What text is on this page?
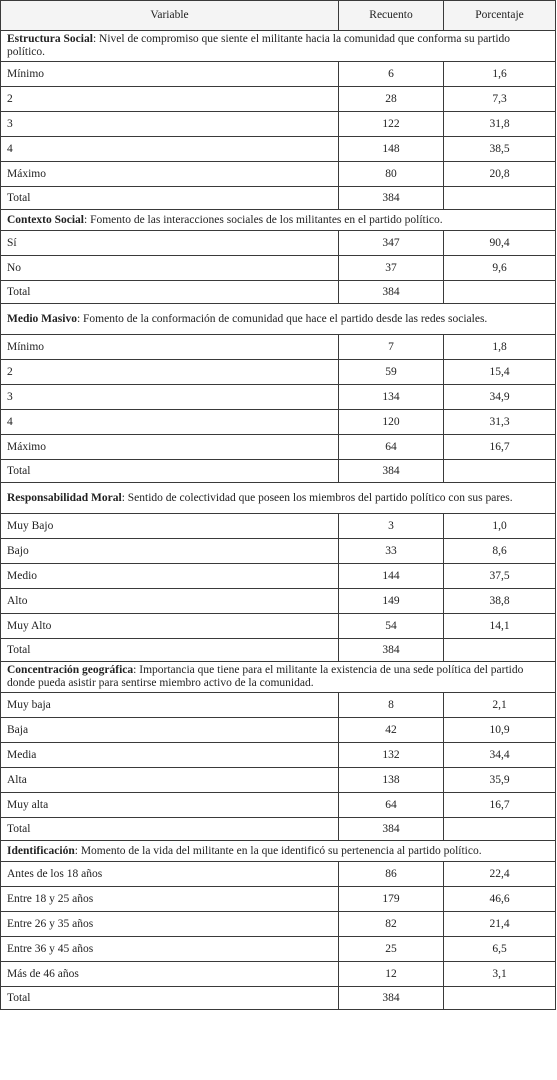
Variable	Recuento	Porcentaje
Estructura Social: Nivel de compromiso que siente el militante hacia la comunidad que conforma su partido político.		
Mínimo	6	1,6
2	28	7,3
3	122	31,8
4	148	38,5
Máximo	80	20,8
Total	384	
Contexto Social: Fomento de las interacciones sociales de los militantes en el partido político.		
Sí	347	90,4
No	37	9,6
Total	384	
Medio Masivo: Fomento de la conformación de comunidad que hace el partido desde las redes sociales.		
Mínimo	7	1,8
2	59	15,4
3	134	34,9
4	120	31,3
Máximo	64	16,7
Total	384	
Responsabilidad Moral: Sentido de colectividad que poseen los miembros del partido político con sus pares.		
Muy Bajo	3	1,0
Bajo	33	8,6
Medio	144	37,5
Alto	149	38,8
Muy Alto	54	14,1
Total	384	
Concentración geográfica: Importancia que tiene para el militante la existencia de una sede política del partido donde pueda asistir para sentirse miembro activo de la comunidad.		
Muy baja	8	2,1
Baja	42	10,9
Media	132	34,4
Alta	138	35,9
Muy alta	64	16,7
Total	384	
Identificación: Momento de la vida del militante en la que identificó su pertenencia al partido político.		
Antes de los 18 años	86	22,4
Entre 18 y 25 años	179	46,6
Entre 26 y 35 años	82	21,4
Entre 36 y 45 años	25	6,5
Más de 46 años	12	3,1
Total	384	
